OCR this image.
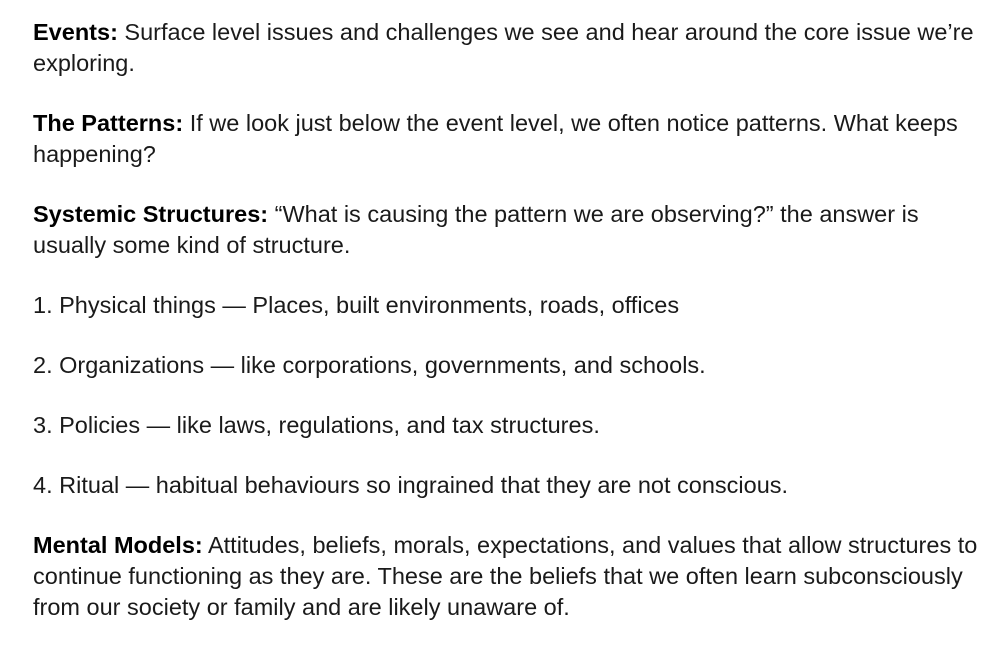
Events: Surface level issues and challenges we see and hear around the core issue we’re exploring.

The Patterns: If we look just below the event level, we often notice patterns. What keeps happening?

Systemic Structures: “What is causing the pattern we are observing?” the answer is usually some kind of structure.

1. Physical things — Places, built environments, roads, offices

2. Organizations — like corporations, governments, and schools.

3. Policies — like laws, regulations, and tax structures.

4. Ritual — habitual behaviours so ingrained that they are not conscious.

Mental Models: Attitudes, beliefs, morals, expectations, and values that allow structures to continue functioning as they are. These are the beliefs that we often learn subconsciously from our society or family and are likely unaware of.
